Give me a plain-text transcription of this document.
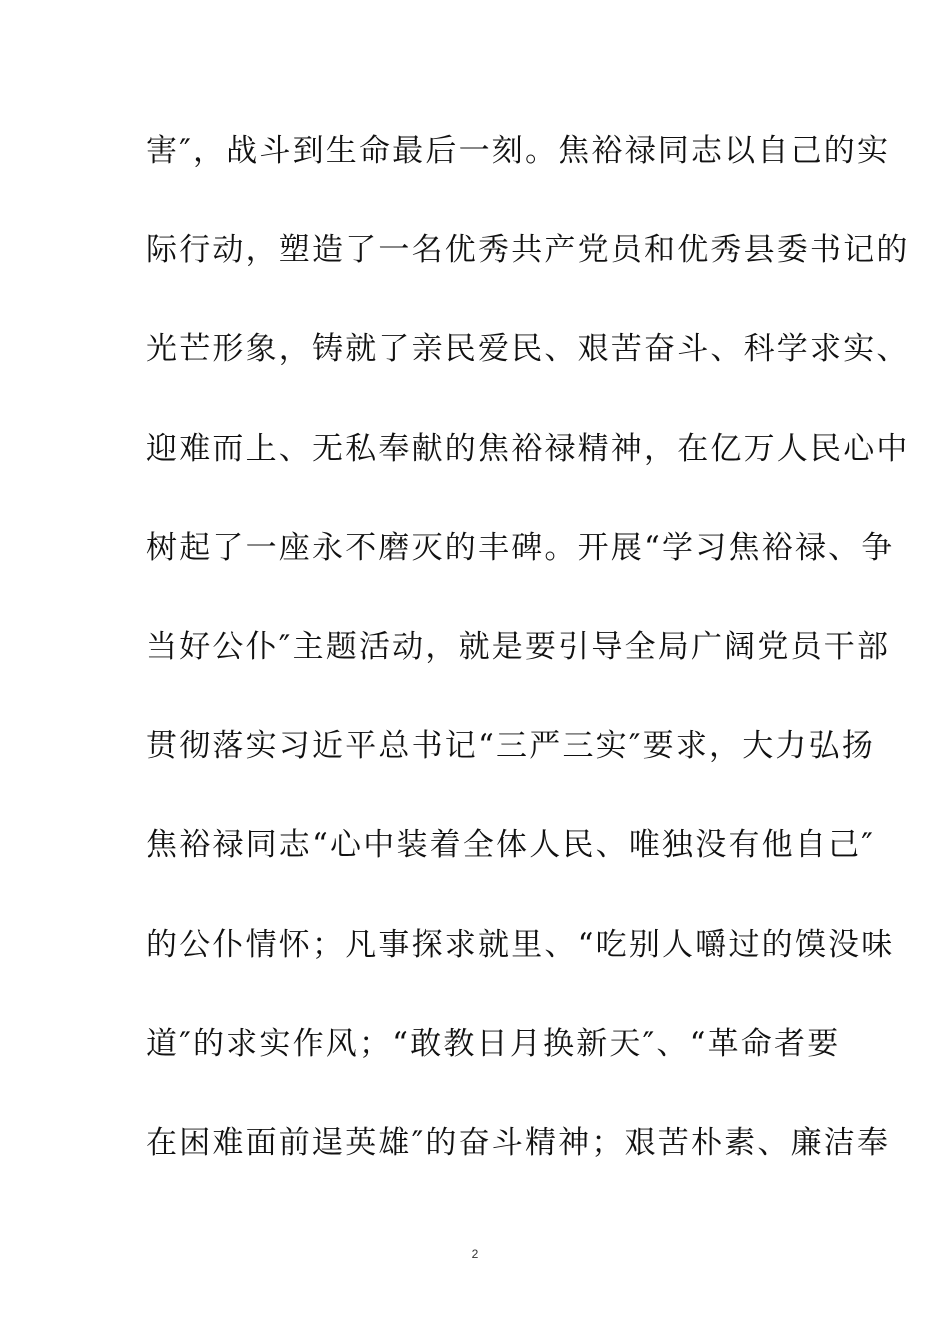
害″，战斗到生命最后一刻。焦裕禄同志以自己的实
际行动，塑造了一名优秀共产党员和优秀县委书记的
光芒形象，铸就了亲民爱民、艰苦奋斗、科学求实、
迎难而上、无私奉献的焦裕禄精神，在亿万人民心中
树起了一座永不磨灭的丰碑。开展“学习焦裕禄、争
当好公仆″主题活动，就是要引导全局广阔党员干部
贯彻落实习近平总书记“三严三实″要求，大力弘扬
焦裕禄同志“心中装着全体人民、唯独没有他自己″
的公仆情怀；凡事探求就里、“吃别人嚼过的馍没味
道″的求实作风；“敢教日月换新天″、“革命者要
在困难面前逞英雄″的奋斗精神；艰苦朴素、廉洁奉
2
